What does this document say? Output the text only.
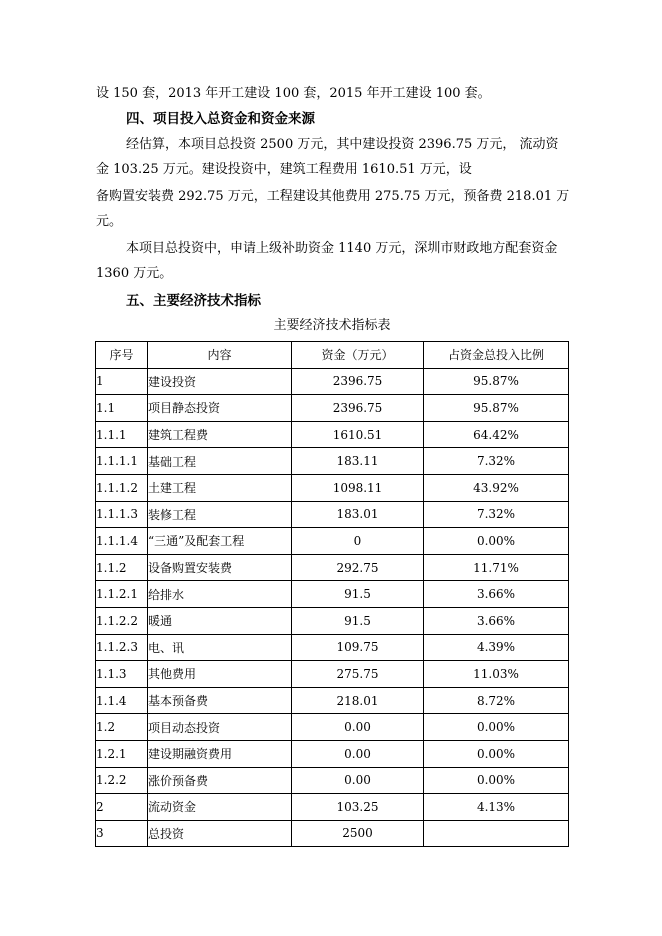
设 150 套，2013 年开工建设 100 套，2015 年开工建设 100 套。
四、项目投入总资金和资金来源
经估算，本项目总投资 2500 万元，其中建设投资 2396.75 万元， 流动资
金 103.25 万元。建设投资中，建筑工程费用 1610.51 万元，设
备购置安装费 292.75 万元，工程建设其他费用 275.75 万元，预备费 218.01 万
元。
本项目总投资中，申请上级补助资金 1140 万元，深圳市财政地方配套资金
1360 万元。
五、主要经济技术指标
主要经济技术指标表
序号	内容	资金（万元）	占资金总投入比例
1	建设投资	2396.75	95.87%
1.1	项目静态投资	2396.75	95.87%
1.1.1	建筑工程费	1610.51	64.42%
1.1.1.1	基础工程	183.11	7.32%
1.1.1.2	土建工程	1098.11	43.92%
1.1.1.3	装修工程	183.01	7.32%
1.1.1.4	“三通”及配套工程	0	0.00%
1.1.2	设备购置安装费	292.75	11.71%
1.1.2.1	给排水	91.5	3.66%
1.1.2.2	暖通	91.5	3.66%
1.1.2.3	电、讯	109.75	4.39%
1.1.3	其他费用	275.75	11.03%
1.1.4	基本预备费	218.01	8.72%
1.2	项目动态投资	0.00	0.00%
1.2.1	建设期融资费用	0.00	0.00%
1.2.2	涨价预备费	0.00	0.00%
2	流动资金	103.25	4.13%
3	总投资	2500	
